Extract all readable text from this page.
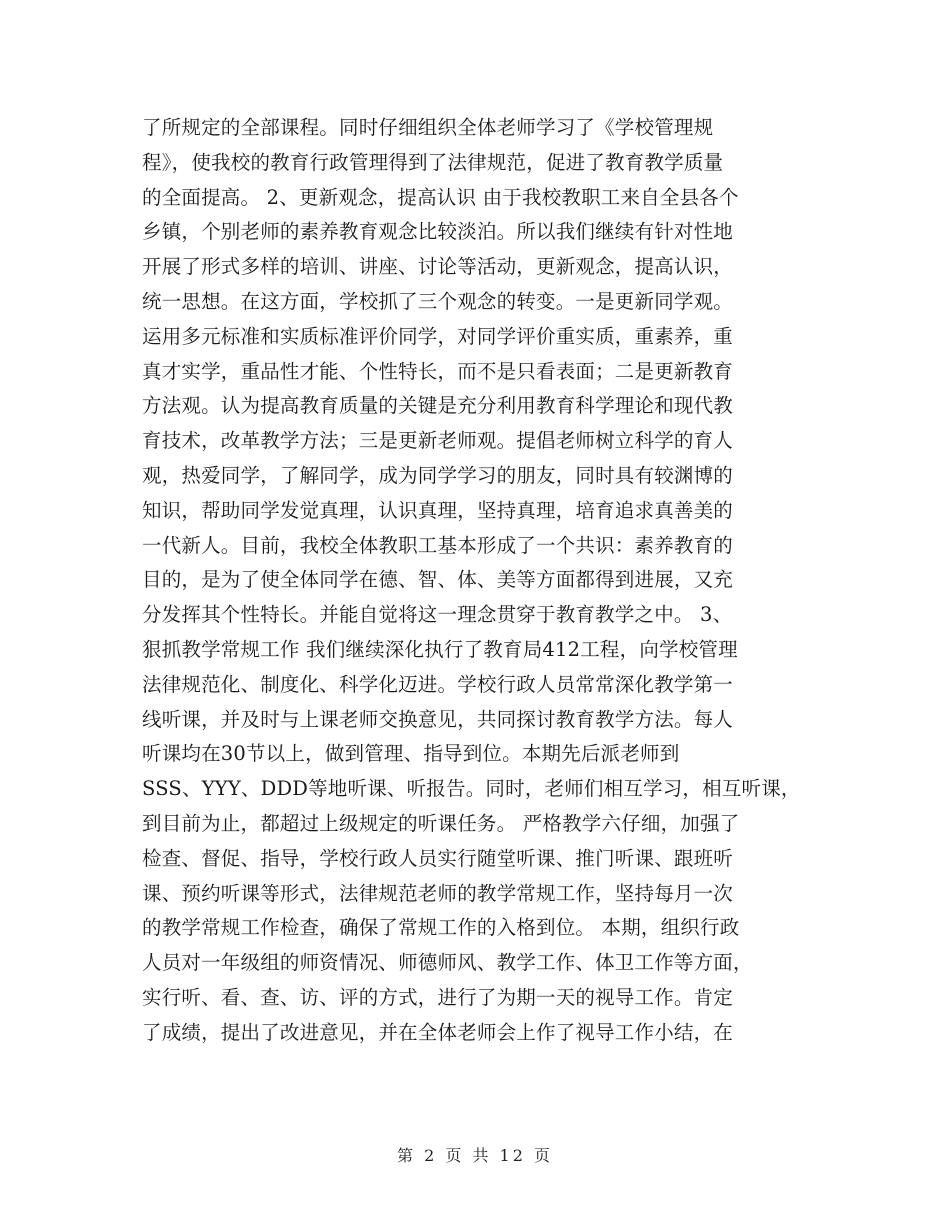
了所规定的全部课程。同时仔细组织全体老师学习了《学校管理规
程》，使我校的教育行政管理得到了法律规范，促进了教育教学质量
的全面提高。 2、更新观念，提高认识 由于我校教职工来自全县各个
乡镇，个别老师的素养教育观念比较淡泊。所以我们继续有针对性地
开展了形式多样的培训、讲座、讨论等活动，更新观念，提高认识，
统一思想。在这方面，学校抓了三个观念的转变。一是更新同学观。
运用多元标准和实质标准评价同学，对同学评价重实质，重素养，重
真才实学，重品性才能、个性特长，而不是只看表面；二是更新教育
方法观。认为提高教育质量的关键是充分利用教育科学理论和现代教
育技术，改革教学方法；三是更新老师观。提倡老师树立科学的育人
观，热爱同学，了解同学，成为同学学习的朋友，同时具有较渊博的
知识，帮助同学发觉真理，认识真理，坚持真理，培育追求真善美的
一代新人。目前，我校全体教职工基本形成了一个共识：素养教育的
目的，是为了使全体同学在德、智、体、美等方面都得到进展，又充
分发挥其个性特长。并能自觉将这一理念贯穿于教育教学之中。 3、
狠抓教学常规工作 我们继续深化执行了教育局412工程，向学校管理
法律规范化、制度化、科学化迈进。学校行政人员常常深化教学第一
线听课，并及时与上课老师交换意见，共同探讨教育教学方法。每人
听课均在30节以上，做到管理、指导到位。本期先后派老师到
SSS、YYY、DDD等地听课、听报告。同时，老师们相互学习，相互听课，
到目前为止，都超过上级规定的听课任务。 严格教学六仔细，加强了
检查、督促、指导，学校行政人员实行随堂听课、推门听课、跟班听
课、预约听课等形式，法律规范老师的教学常规工作，坚持每月一次
的教学常规工作检查，确保了常规工作的入格到位。 本期，组织行政
人员对一年级组的师资情况、师德师风、教学工作、体卫工作等方面，
实行听、看、查、访、评的方式，进行了为期一天的视导工作。肯定
了成绩，提出了改进意见，并在全体老师会上作了视导工作小结，在
第 2 页 共 12 页
